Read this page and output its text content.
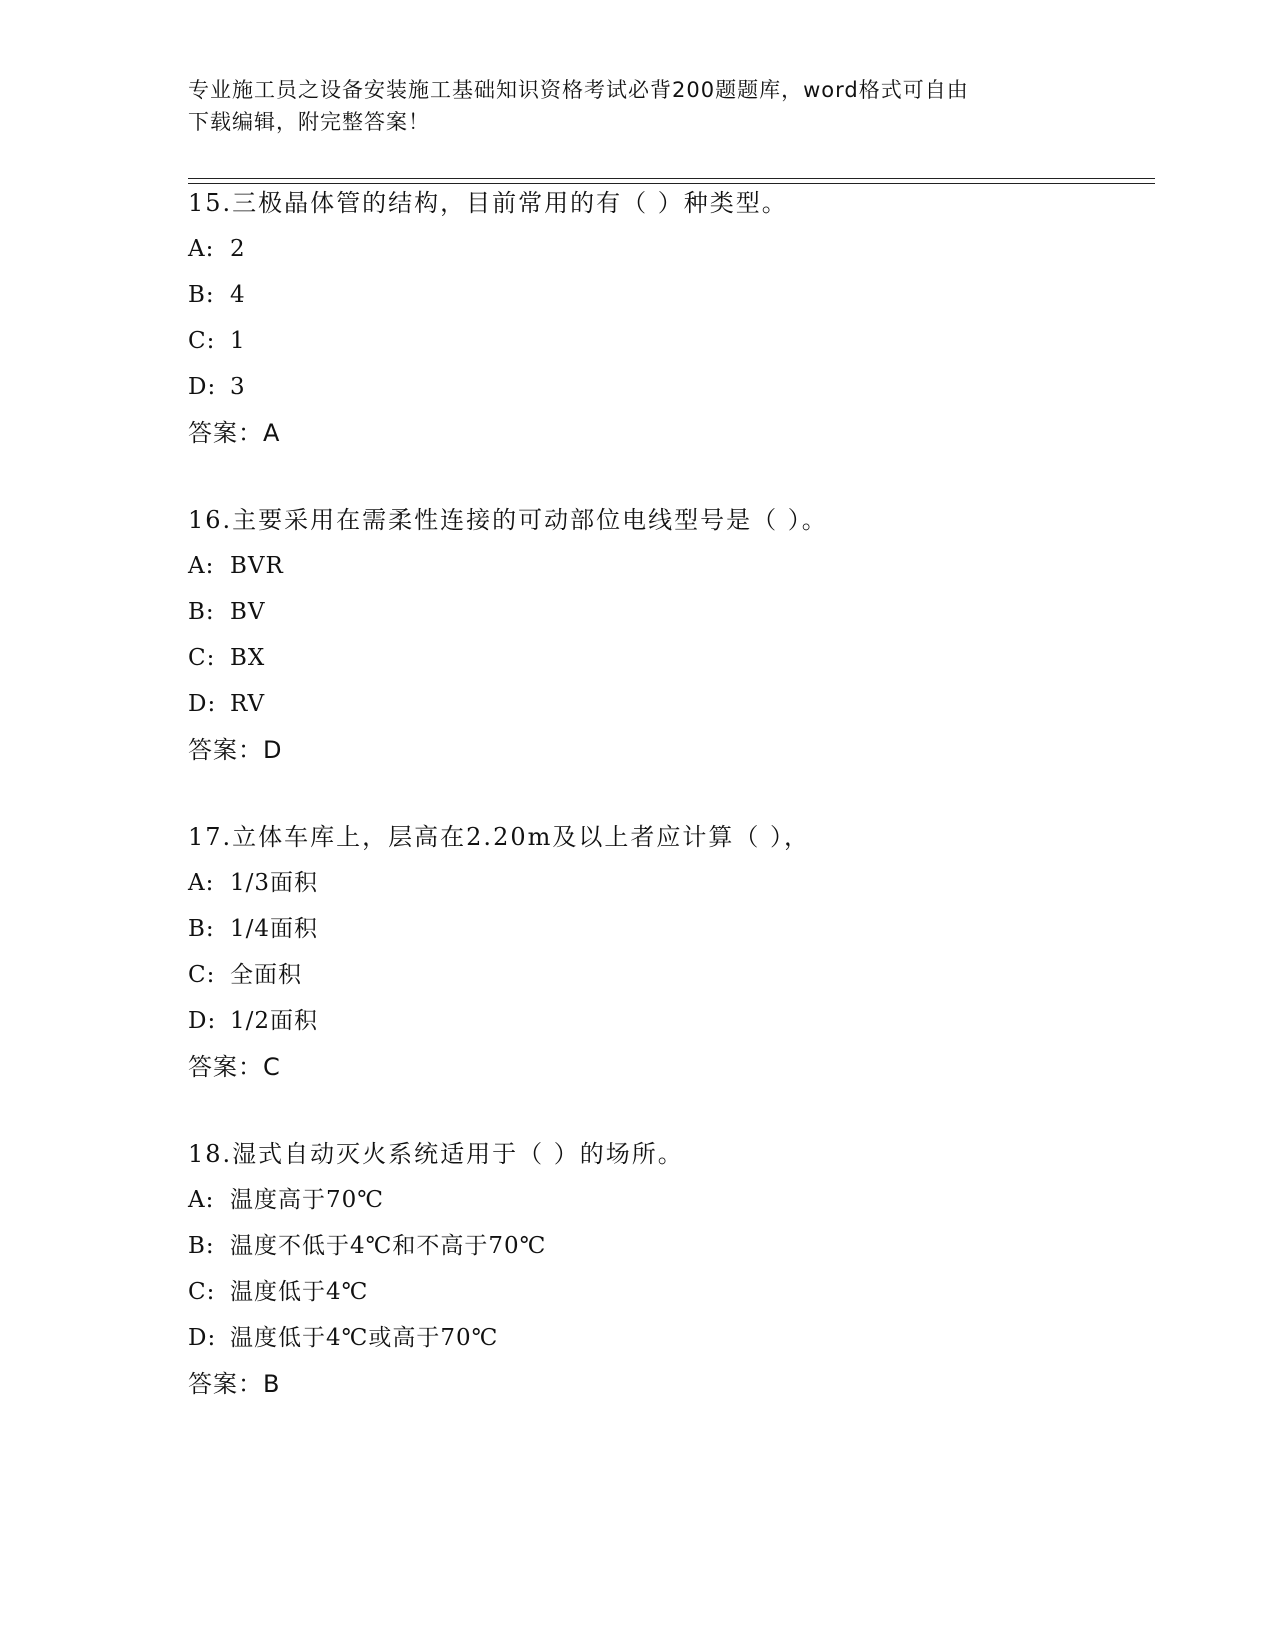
专业施工员之设备安装施工基础知识资格考试必背200题题库，word格式可自由
下载编辑，附完整答案！
15.三极晶体管的结构，目前常用的有（ ）种类型。
A: 2
B: 4
C: 1
D: 3
答案：A
16.主要采用在需柔性连接的可动部位电线型号是（ ）。
A: BVR
B: BV
C: BX
D: RV
答案：D
17.立体车库上，层高在2.20m及以上者应计算（ ），
A: 1/3面积
B: 1/4面积
C: 全面积
D: 1/2面积
答案：C
18.湿式自动灭火系统适用于（ ）的场所。
A: 温度高于70℃
B: 温度不低于4℃和不高于70℃
C: 温度低于4℃
D: 温度低于4℃或高于70℃
答案：B
